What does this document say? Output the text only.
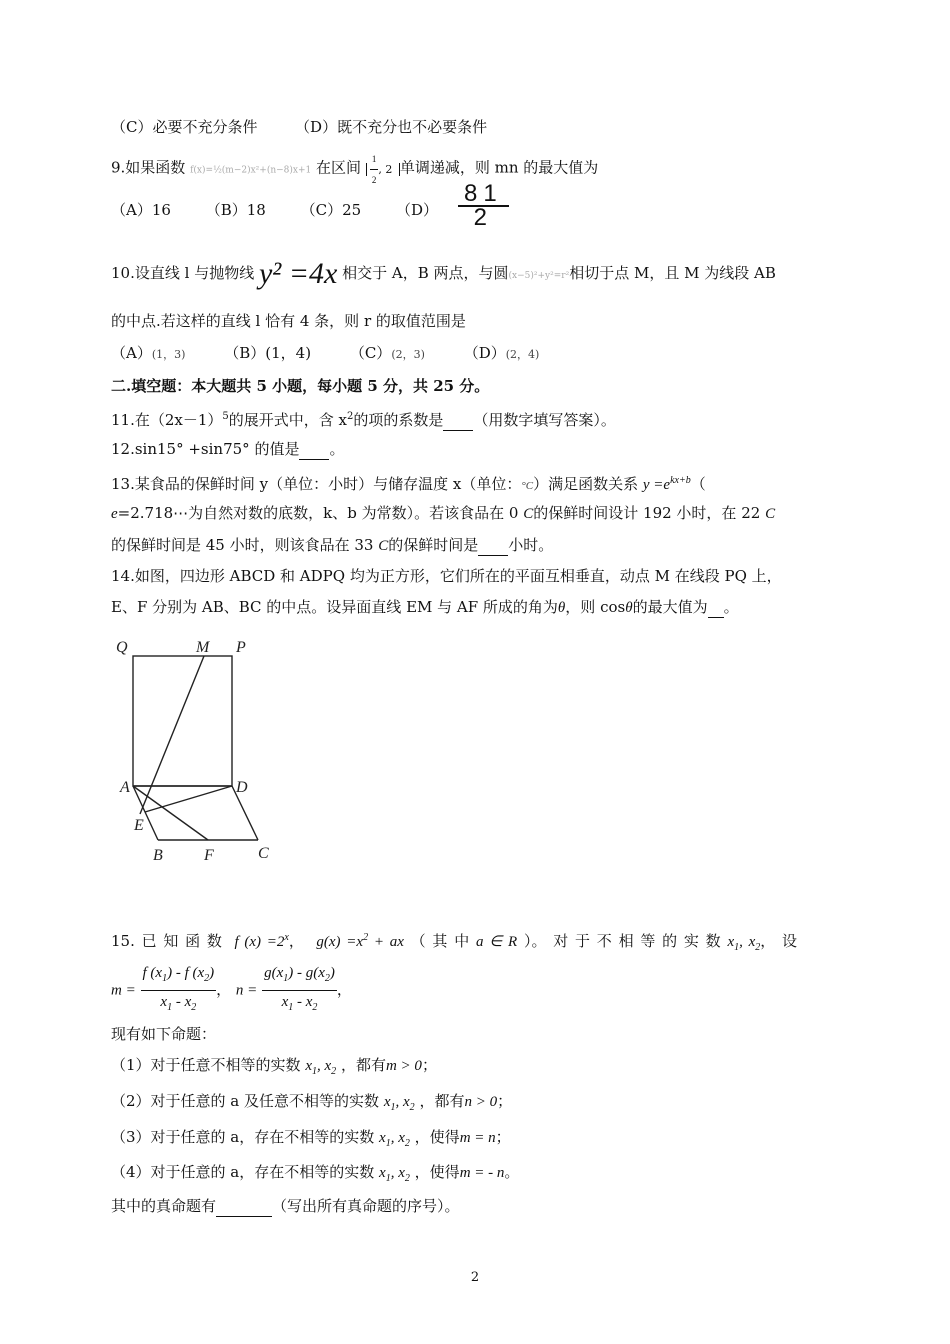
（C）必要不充分条件	（D）既不充分也不必要条件
9.如果函数 f(x)=½(m−2)x²+(n−8)x+1 在区间 $\frac{1}{2}$ , 2 单调递减，则 mn 的最大值为
（A）16 （B）18 （C）25 $(D) \frac{81}{2}$
10.设直线 l 与抛物线 y² =4x 相交于 A，B 两点，与圆(x−5)²+y²=r²相切于点 M，且 M 为线段 AB
的中点.若这样的直线 l 恰有 4 条，则 r 的取值范围是
（A）(1，3)	（B）(1，4)	（C）(2，3)	（D）(2，4)
二.填空题：本大题共 5 小题，每小题 5 分，共 25 分。
11.在$(2x-1)^5$的展开式中，含 $x^2$的项的系数是 （用数字填写答案）。
12.sin15° +sin75° 的值是 。
13.某食品的保鲜时间 y（单位：小时）与储存温度 x（单位：°C）满足函数关系 $y =e^{kx+b}$（
e=2.718⋯为自然对数的底数，k、b 为常数）。若该食品在 0 C的保鲜时间设计 192 小时，在 22 C
的保鲜时间是 45 小时，则该食品在 33 C的保鲜时间是 小时。
14.如图，四边形 ABCD 和 ADPQ 均为正方形，它们所在的平面互相垂直，动点 M 在线段 PQ 上，
E、F 分别为 AB、BC 的中点。设异面直线 EM 与 AF 所成的角为θ，则 cosθ的最大值为 。
Q	M P
A	D
E
B	F	C
15. 已 知 函 数  f $(x) =2^x$，  $g(x) =x^2$ + ax （ 其 中 a ∈ R ）。 对 于 不 相 等 的 实 数 $x_1$, $x_2$， 设
$m = \frac{f (x_1) - f (x_2)}{x_1 - x_2}$ ， $n = \frac{g(x_1) - g(x_2)}{x_1 - x_2}$ ，
现有如下命题：
（1）对于任意不相等的实数 $x_1$, $x_2$ ，都有m > 0；
（2）对于任意的 a 及任意不相等的实数 $x_1$, $x_2$ ，都有n > 0；
（3）对于任意的 a，存在不相等的实数 $x_1$, $x_2$ ，使得m = n；
（4）对于任意的 a，存在不相等的实数 $x_1$, $x_2$ ，使得m = - n。
其中的真命题有	（写出所有真命题的序号）。
2
